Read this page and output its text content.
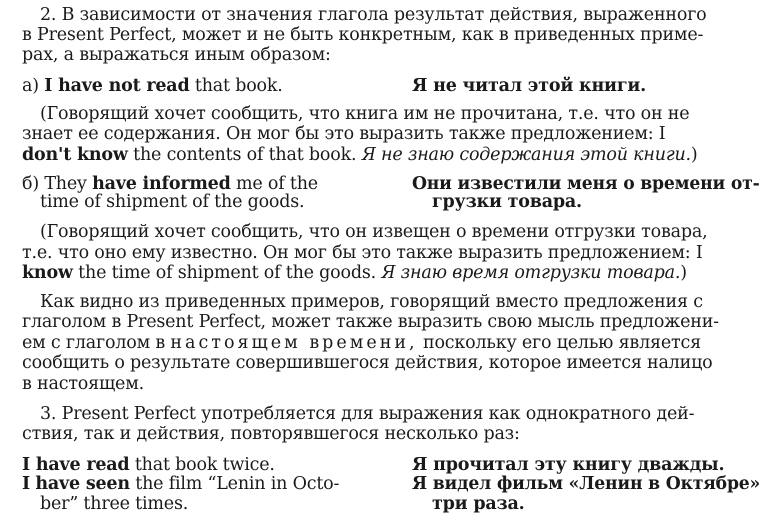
2. В зависимости от значения глагола результат действия, выраженного
в Present Perfect, может и не быть конкретным, как в приведенных приме-
рах, а выражаться иным образом:
а) I have not read that book.	Я не читал этой книги.
(Говорящий хочет сообщить, что книга им не прочитана, т.е. что он не
знает ее содержания. Он мог бы это выразить также предложением: I
don't know the contents of that book. Я не знаю содержания этой книги.)
б) They have informed me of the
time of shipment of the goods.
Они известили меня о времени от-
грузки товара.
(Говорящий хочет сообщить, что он извещен о времени отгрузки товара,
т.е. что оно ему известно. Он мог бы это также выразить предложением: I
know the time of shipment of the goods. Я знаю время отгрузки товара.)
Как видно из приведенных примеров, говорящий вместо предложения с
глаголом в Present Perfect, может также выразить свою мысль предложени-
ем с глаголом в настоящем времени, поскольку его целью является
сообщить о результате совершившегося действия, которое имеется налицо
в настоящем.
3. Present Perfect употребляется для выражения как однократного дей-
ствия, так и действия, повторявшегося несколько раз:
I have read that book twice.	Я прочитал эту книгу дважды.
I have seen the film “Lenin in Octo-
ber” three times.
Я видел фильм «Ленин в Октябре»
три раза.
